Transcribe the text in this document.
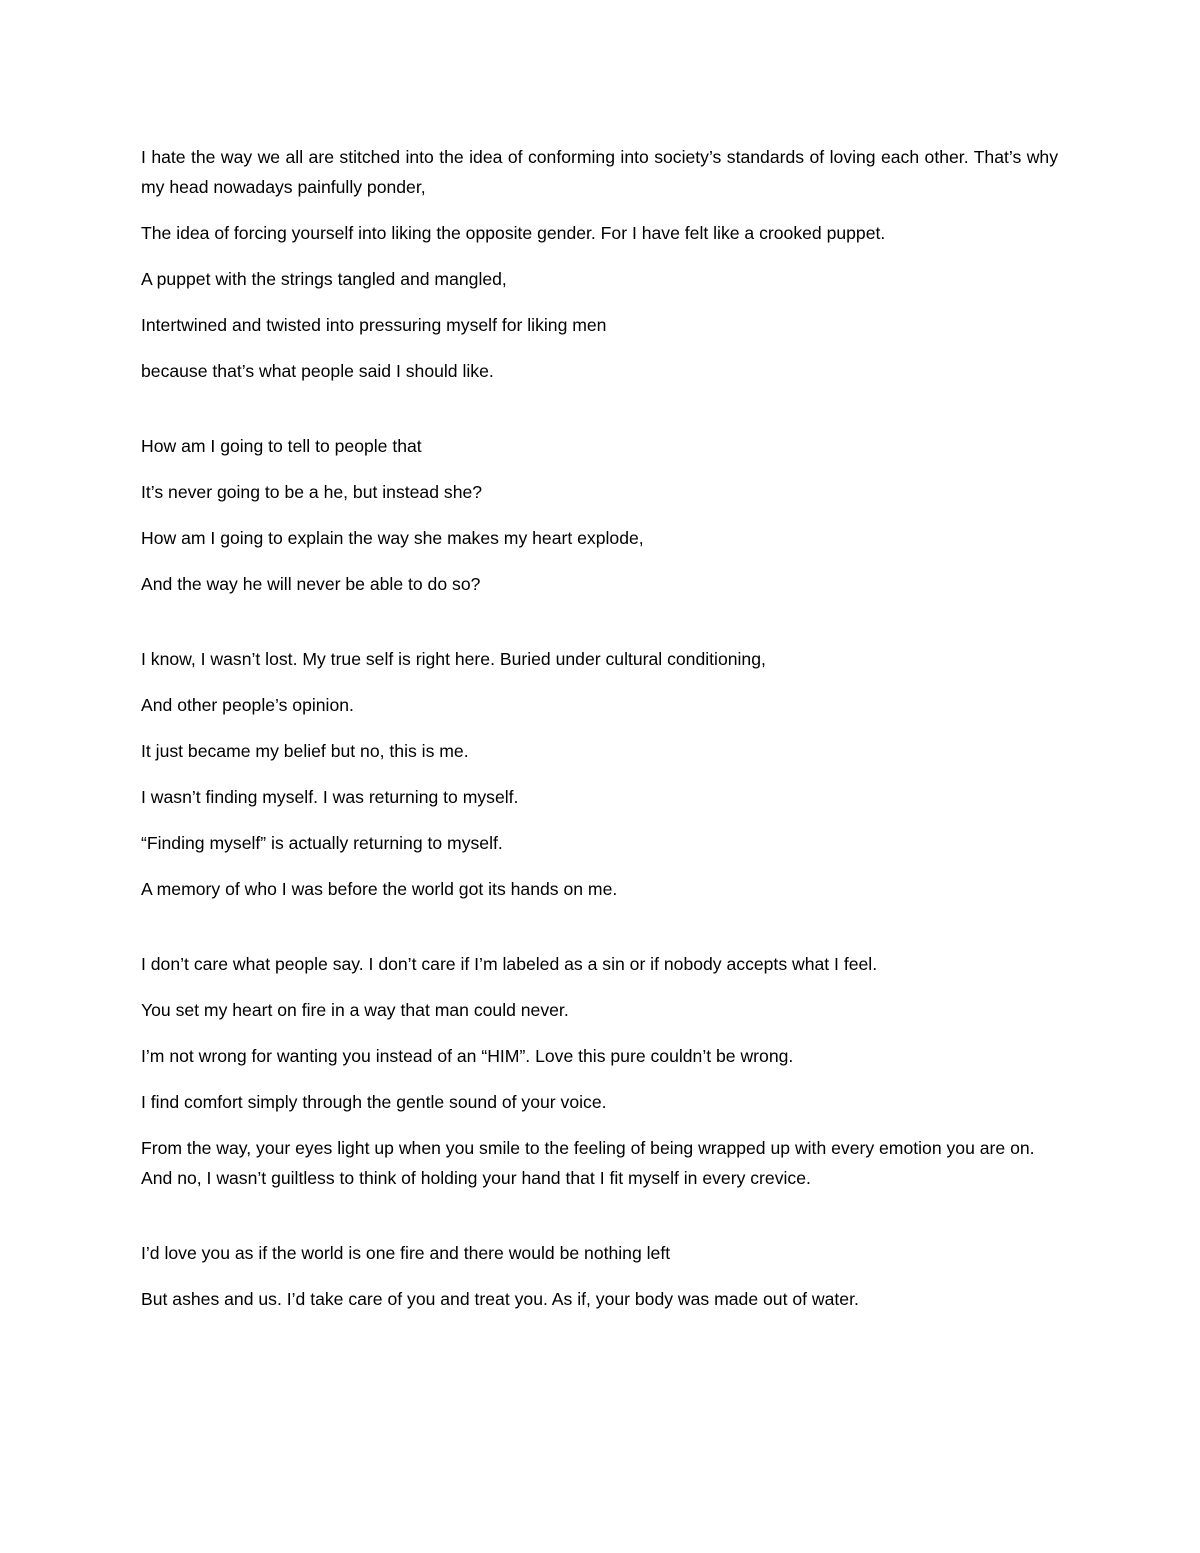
I hate the way we all are stitched into the idea of conforming into society’s standards of loving each other. That’s why my head nowadays painfully ponder,

The idea of forcing yourself into liking the opposite gender. For I have felt like a crooked puppet.

A puppet with the strings tangled and mangled,

Intertwined and twisted into pressuring myself for liking men

because that’s what people said I should like.

How am I going to tell to people that

It’s never going to be a he, but instead she?

How am I going to explain the way she makes my heart explode,

And the way he will never be able to do so?

I know, I wasn’t lost. My true self is right here. Buried under cultural conditioning,

And other people’s opinion.

It just became my belief but no, this is me.

I wasn’t finding myself. I was returning to myself.

“Finding myself” is actually returning to myself.

A memory of who I was before the world got its hands on me.

I don’t care what people say. I don’t care if I’m labeled as a sin or if nobody accepts what I feel.

You set my heart on fire in a way that man could never.

I’m not wrong for wanting you instead of an “HIM”. Love this pure couldn’t be wrong.

I find comfort simply through the gentle sound of your voice.

From the way, your eyes light up when you smile to the feeling of being wrapped up with every emotion you are on. And no, I wasn’t guiltless to think of holding your hand that I fit myself in every crevice.

I’d love you as if the world is one fire and there would be nothing left

But ashes and us. I’d take care of you and treat you. As if, your body was made out of water.
